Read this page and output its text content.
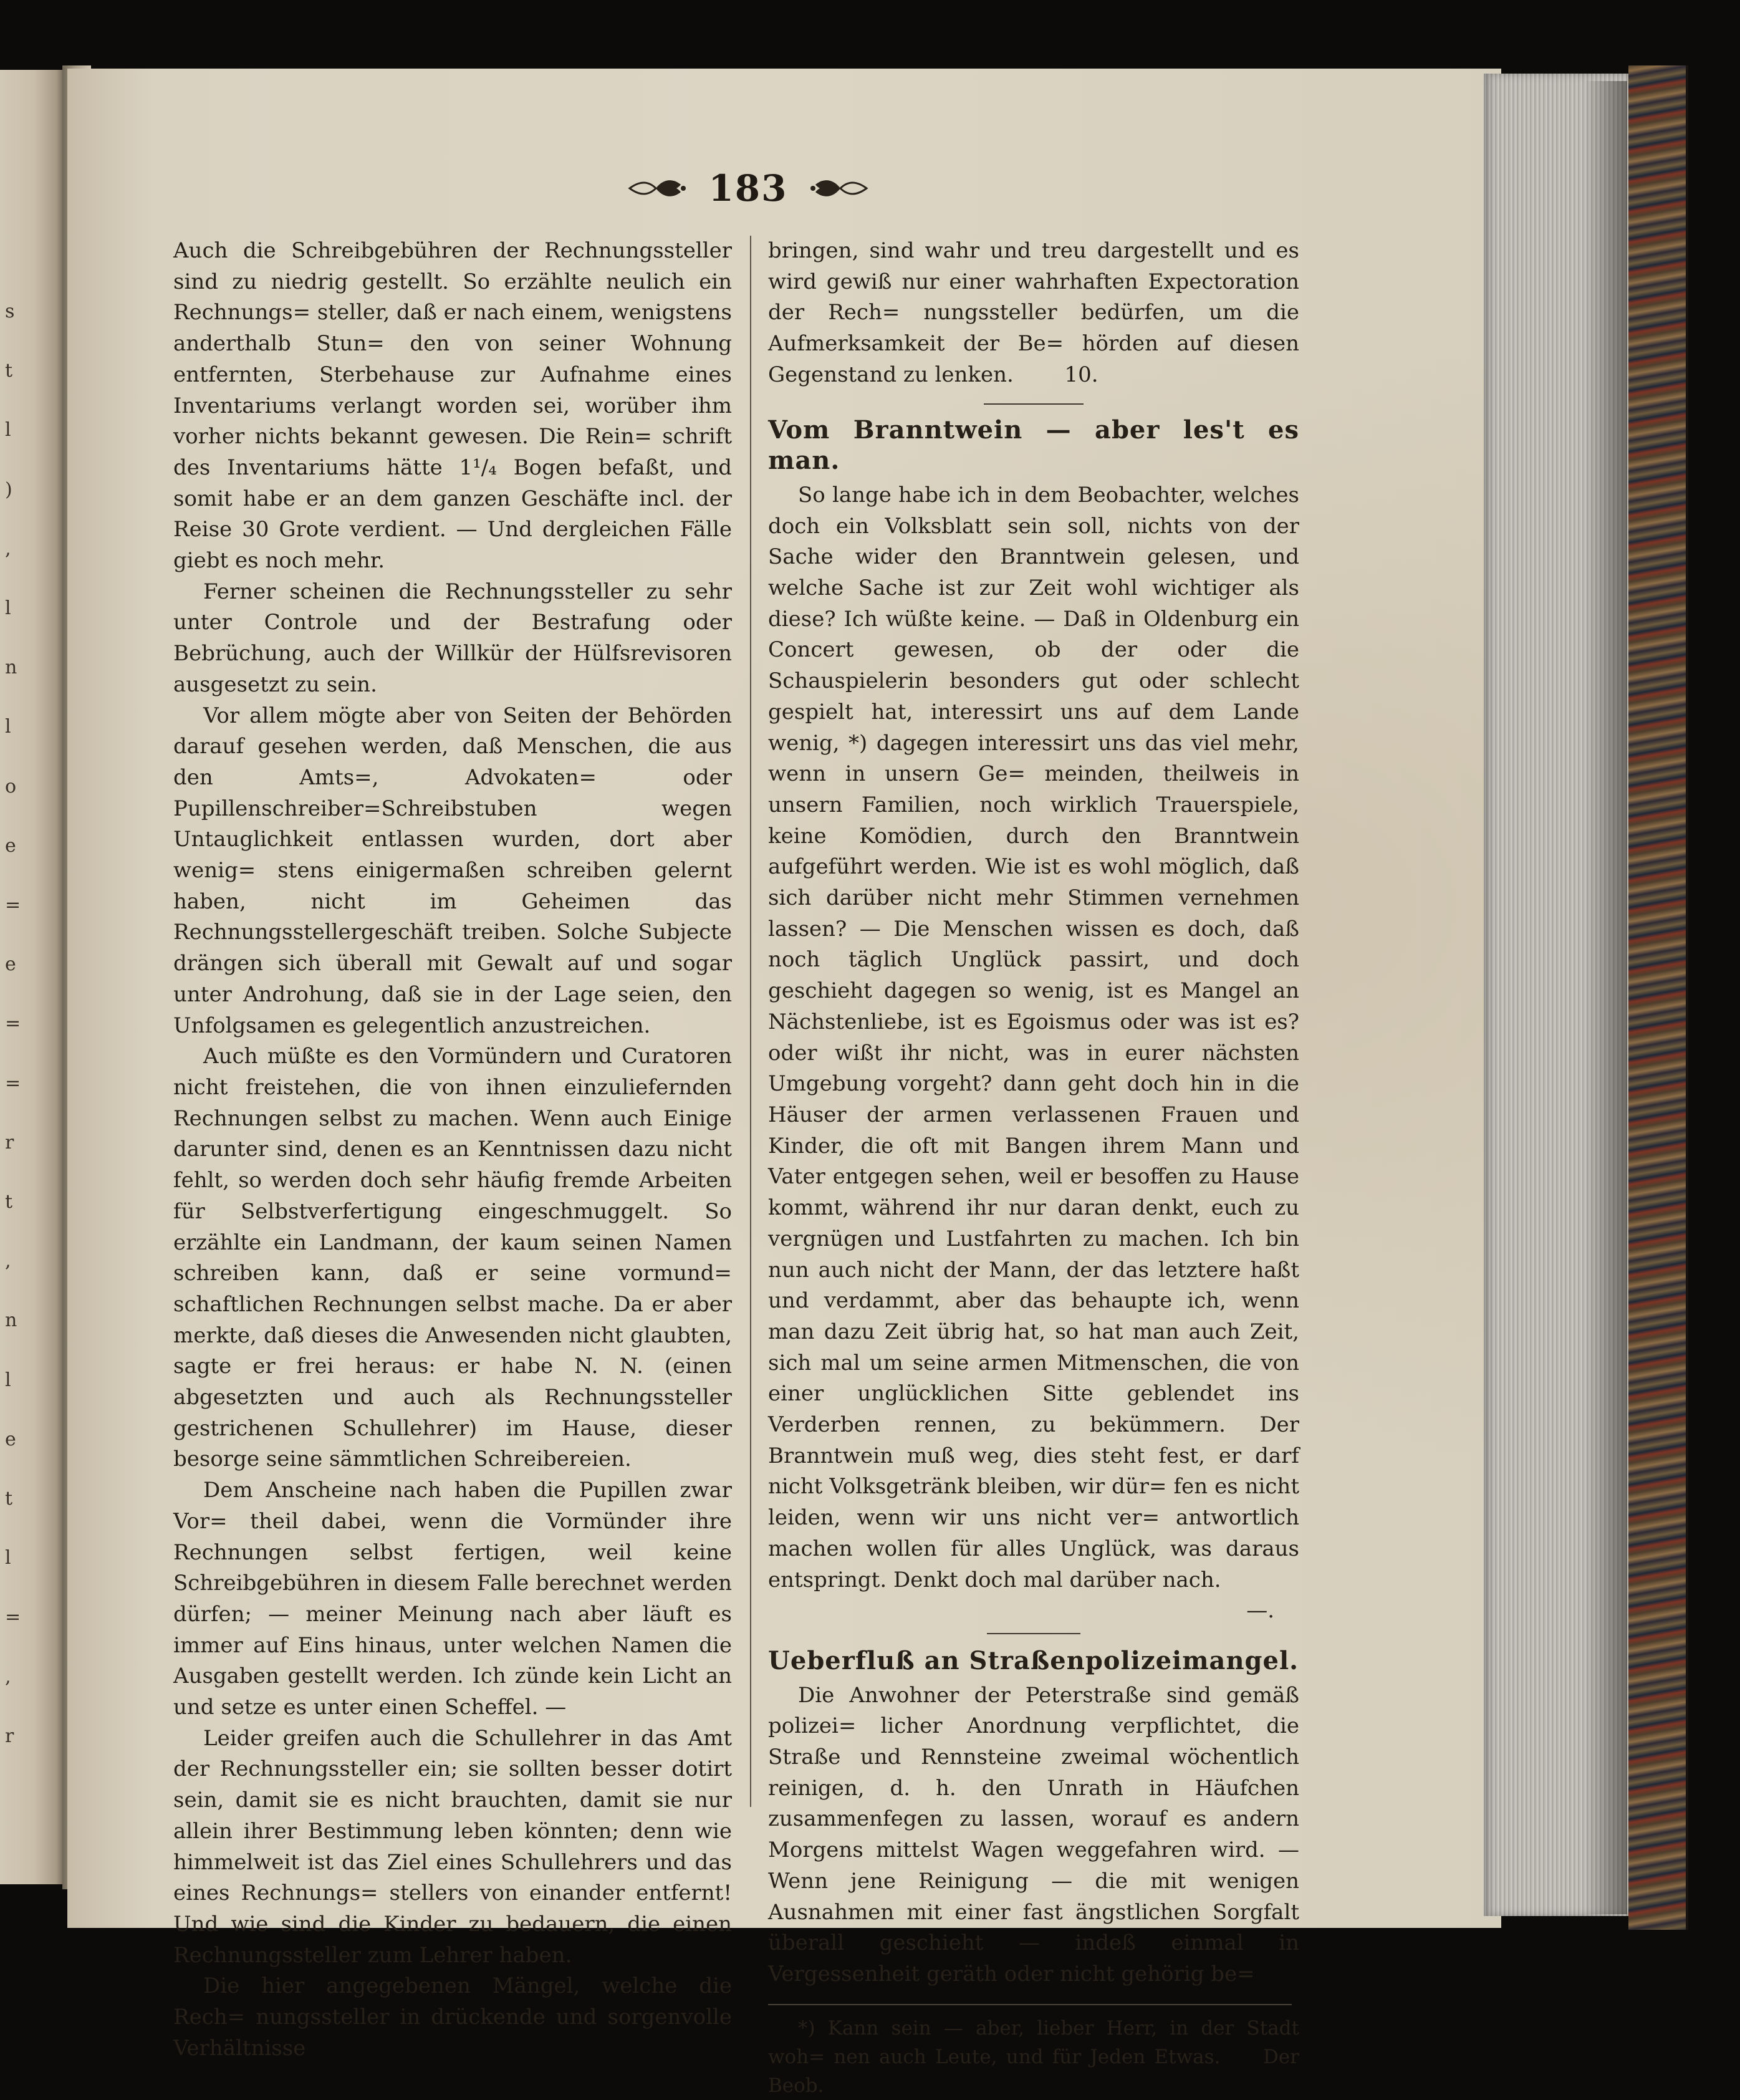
s
t
l
)
,
l
n
l
o
e
=
e
=
=
r
t
,
n
l
e
t
l
=
,
r
183

Auch die Schreibgebühren der Rechnungssteller sind zu niedrig gestellt. So erzählte neulich ein Rechnungs= steller, daß er nach einem, wenigstens anderthalb Stun= den von seiner Wohnung entfernten, Sterbehause zur Aufnahme eines Inventariums verlangt worden sei, worüber ihm vorher nichts bekannt gewesen. Die Rein= schrift des Inventariums hätte 1¹/₄ Bogen befaßt, und somit habe er an dem ganzen Geschäfte incl. der Reise 30 Grote verdient. — Und dergleichen Fälle giebt es noch mehr.

Ferner scheinen die Rechnungssteller zu sehr unter Controle und der Bestrafung oder Bebrüchung, auch der Willkür der Hülfsrevisoren ausgesetzt zu sein.

Vor allem mögte aber von Seiten der Behörden darauf gesehen werden, daß Menschen, die aus den Amts=, Advokaten= oder Pupillenschreiber=Schreibstuben wegen Untauglichkeit entlassen wurden, dort aber wenig= stens einigermaßen schreiben gelernt haben, nicht im Geheimen das Rechnungsstellergeschäft treiben. Solche Subjecte drängen sich überall mit Gewalt auf und sogar unter Androhung, daß sie in der Lage seien, den Unfolgsamen es gelegentlich anzustreichen.

Auch müßte es den Vormündern und Curatoren nicht freistehen, die von ihnen einzuliefernden Rechnungen selbst zu machen. Wenn auch Einige darunter sind, denen es an Kenntnissen dazu nicht fehlt, so werden doch sehr häufig fremde Arbeiten für Selbstverfertigung eingeschmuggelt. So erzählte ein Landmann, der kaum seinen Namen schreiben kann, daß er seine vormund= schaftlichen Rechnungen selbst mache. Da er aber merkte, daß dieses die Anwesenden nicht glaubten, sagte er frei heraus: er habe N. N. (einen abgesetzten und auch als Rechnungssteller gestrichenen Schullehrer) im Hause, dieser besorge seine sämmtlichen Schreibereien.

Dem Anscheine nach haben die Pupillen zwar Vor= theil dabei, wenn die Vormünder ihre Rechnungen selbst fertigen, weil keine Schreibgebühren in diesem Falle berechnet werden dürfen; — meiner Meinung nach aber läuft es immer auf Eins hinaus, unter welchen Namen die Ausgaben gestellt werden. Ich zünde kein Licht an und setze es unter einen Scheffel. —

Leider greifen auch die Schullehrer in das Amt der Rechnungssteller ein; sie sollten besser dotirt sein, damit sie es nicht brauchten, damit sie nur allein ihrer Bestimmung leben könnten; denn wie himmelweit ist das Ziel eines Schullehrers und das eines Rechnungs= stellers von einander entfernt! Und wie sind die Kinder zu bedauern, die einen Rechnungssteller zum Lehrer haben.

Die hier angegebenen Mängel, welche die Rech= nungssteller in drückende und sorgenvolle Verhältnisse

bringen, sind wahr und treu dargestellt und es wird gewiß nur einer wahrhaften Expectoration der Rech= nungssteller bedürfen, um die Aufmerksamkeit der Be= hörden auf diesen Gegenstand zu lenken. 10.

Vom Branntwein — aber les't es man.

So lange habe ich in dem Beobachter, welches doch ein Volksblatt sein soll, nichts von der Sache wider den Branntwein gelesen, und welche Sache ist zur Zeit wohl wichtiger als diese? Ich wüßte keine. — Daß in Oldenburg ein Concert gewesen, ob der oder die Schauspielerin besonders gut oder schlecht gespielt hat, interessirt uns auf dem Lande wenig, *) dagegen interessirt uns das viel mehr, wenn in unsern Ge= meinden, theilweis in unsern Familien, noch wirklich Trauerspiele, keine Komödien, durch den Branntwein aufgeführt werden. Wie ist es wohl möglich, daß sich darüber nicht mehr Stimmen vernehmen lassen? — Die Menschen wissen es doch, daß noch täglich Unglück passirt, und doch geschieht dagegen so wenig, ist es Mangel an Nächstenliebe, ist es Egoismus oder was ist es? oder wißt ihr nicht, was in eurer nächsten Umgebung vorgeht? dann geht doch hin in die Häuser der armen verlassenen Frauen und Kinder, die oft mit Bangen ihrem Mann und Vater entgegen sehen, weil er besoffen zu Hause kommt, während ihr nur daran denkt, euch zu vergnügen und Lustfahrten zu machen. Ich bin nun auch nicht der Mann, der das letztere haßt und verdammt, aber das behaupte ich, wenn man dazu Zeit übrig hat, so hat man auch Zeit, sich mal um seine armen Mitmenschen, die von einer unglücklichen Sitte geblendet ins Verderben rennen, zu bekümmern. Der Branntwein muß weg, dies steht fest, er darf nicht Volksgetränk bleiben, wir dür= fen es nicht leiden, wenn wir uns nicht ver= antwortlich machen wollen für alles Unglück, was daraus entspringt. Denkt doch mal darüber nach.

—.

Ueberfluß an Straßenpolizeimangel.

Die Anwohner der Peterstraße sind gemäß polizei= licher Anordnung verpflichtet, die Straße und Rennsteine zweimal wöchentlich reinigen, d. h. den Unrath in Häufchen zusammenfegen zu lassen, worauf es andern Morgens mittelst Wagen weggefahren wird. — Wenn jene Reinigung — die mit wenigen Ausnahmen mit einer fast ängstlichen Sorgfalt überall geschieht — indeß einmal in Vergessenheit geräth oder nicht gehörig be=

*) Kann sein — aber, lieber Herr, in der Stadt woh= nen auch Leute, und für Jeden Etwas. Der Beob.
